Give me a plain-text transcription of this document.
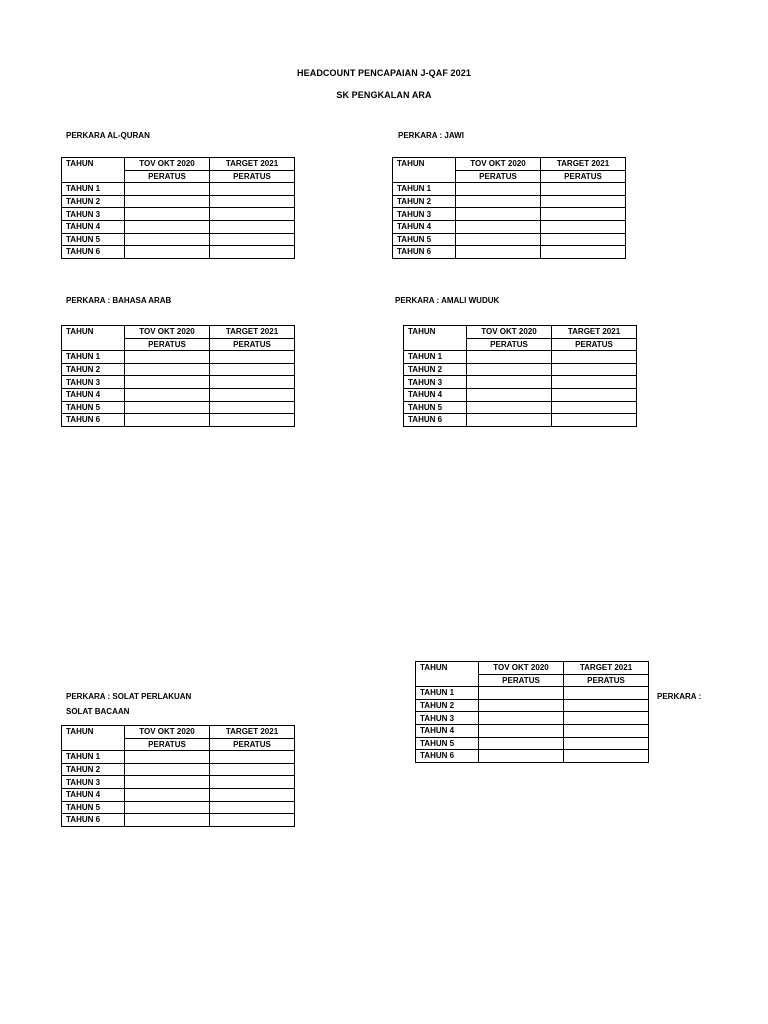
HEADCOUNT PENCAPAIAN J-QAF 2021
SK PENGKALAN ARA
PERKARA AL-QURAN	PERKARA : JAWI
PERKARA : BAHASA ARAB	PERKARA : AMALI WUDUK
PERKARA : SOLAT PERLAKUAN
SOLAT BACAAN
PERKARA :
TAHUN	TOV OKT 2020	TARGET 2021
	PERATUS	PERATUS
TAHUN 1		
TAHUN 2		
TAHUN 3		
TAHUN 4		
TAHUN 5		
TAHUN 6		
TAHUN	TOV OKT 2020	TARGET 2021
	PERATUS	PERATUS
TAHUN 1		
TAHUN 2		
TAHUN 3		
TAHUN 4		
TAHUN 5		
TAHUN 6		
TAHUN	TOV OKT 2020	TARGET 2021
	PERATUS	PERATUS
TAHUN 1		
TAHUN 2		
TAHUN 3		
TAHUN 4		
TAHUN 5		
TAHUN 6		
TAHUN	TOV OKT 2020	TARGET 2021
	PERATUS	PERATUS
TAHUN 1		
TAHUN 2		
TAHUN 3		
TAHUN 4		
TAHUN 5		
TAHUN 6		
TAHUN	TOV OKT 2020	TARGET 2021
	PERATUS	PERATUS
TAHUN 1		
TAHUN 2		
TAHUN 3		
TAHUN 4		
TAHUN 5		
TAHUN 6		
TAHUN	TOV OKT 2020	TARGET 2021
	PERATUS	PERATUS
TAHUN 1		
TAHUN 2		
TAHUN 3		
TAHUN 4		
TAHUN 5		
TAHUN 6		
